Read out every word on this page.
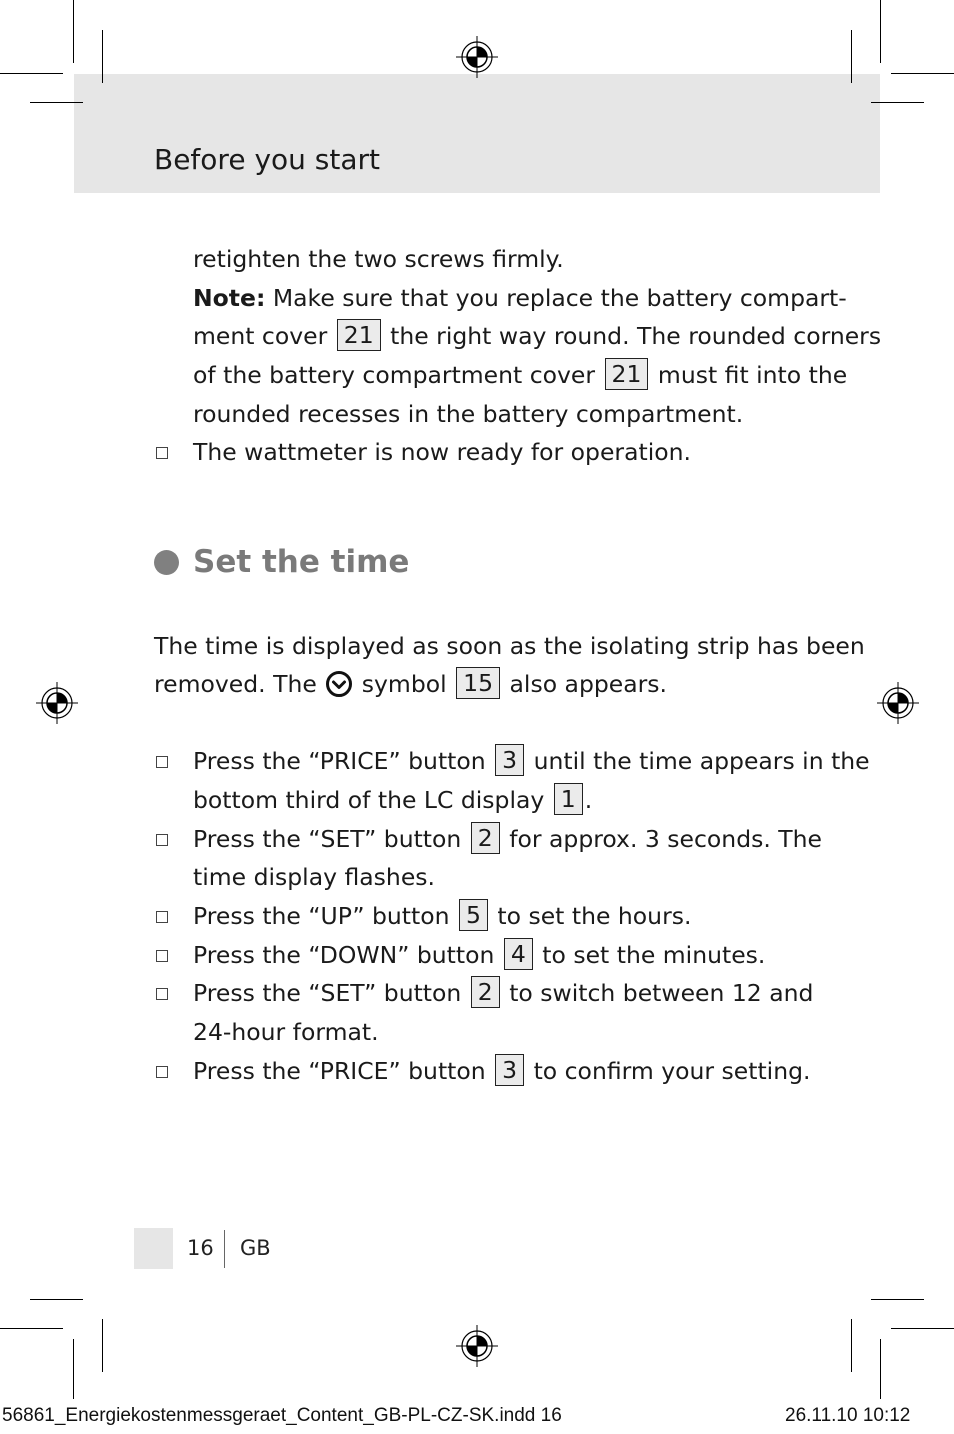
Before you start
retighten the two screws firmly.
Note: Make sure that you replace the battery compart-
ment cover 21 the right way round. The rounded corners
of the battery compartment cover 21 must fit into the
rounded recesses in the battery compartment.
The wattmeter is now ready for operation.
Set the time
The time is displayed as soon as the isolating strip has been
removed. The symbol 15 also appears.
Press the “PRICE” button 3 until the time appears in the
bottom third of the LC display 1 .
Press the “SET” button 2 for approx. 3 seconds. The
time display flashes.
Press the “UP” button 5 to set the hours.
Press the “DOWN” button 4 to set the minutes.
Press the “SET” button 2 to switch between 12 and
24-hour format.
Press the “PRICE” button 3 to confirm your setting.
16 GB
56861_Energiekostenmessgeraet_Content_GB-PL-CZ-SK.indd 16	26.11.10 10:12
